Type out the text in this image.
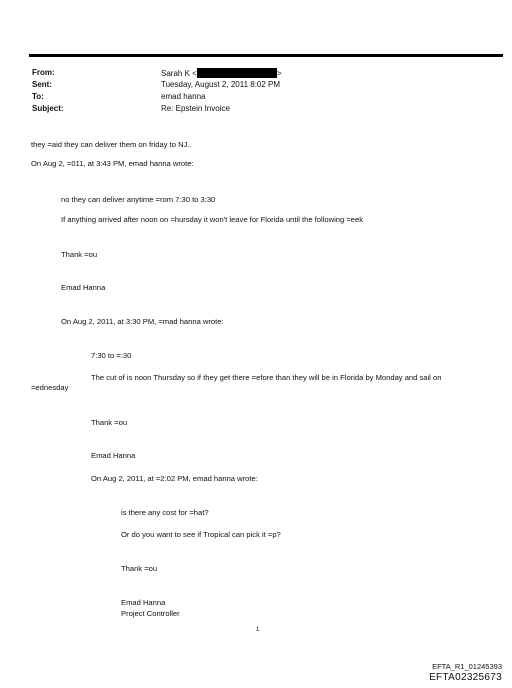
From:
Sent:
To:
Subject:
Sarah K <	>
Tuesday, August 2, 2011 8:02 PM
emad hanna
Re: Epstein Invoice
they =aid they can deliver them on friday to NJ..
On Aug 2, =011, at 3:43 PM, emad hanna wrote:
no they can deliver anytime =rom 7:30 to 3:30
If anything arrived after noon on =hursday it won't leave for Florida until the following =eek
Thank =ou
Emad Hanna
On Aug 2, 2011, at 3:30 PM, =mad hanna wrote:
7:30 to =:30
The cut of is noon Thursday so if they get there =efore than they will be in Florida by Monday and sail on
=ednesday
Thank =ou
Emad Hanna
On Aug 2, 2011, at =2:02 PM, emad hanna wrote:
is there any cost for =hat?
Or do you want to see if Tropical can pick it =p?
Thank =ou
Emad Hanna
Project Controller
1
EFTA_R1_01245393
EFTA02325673
